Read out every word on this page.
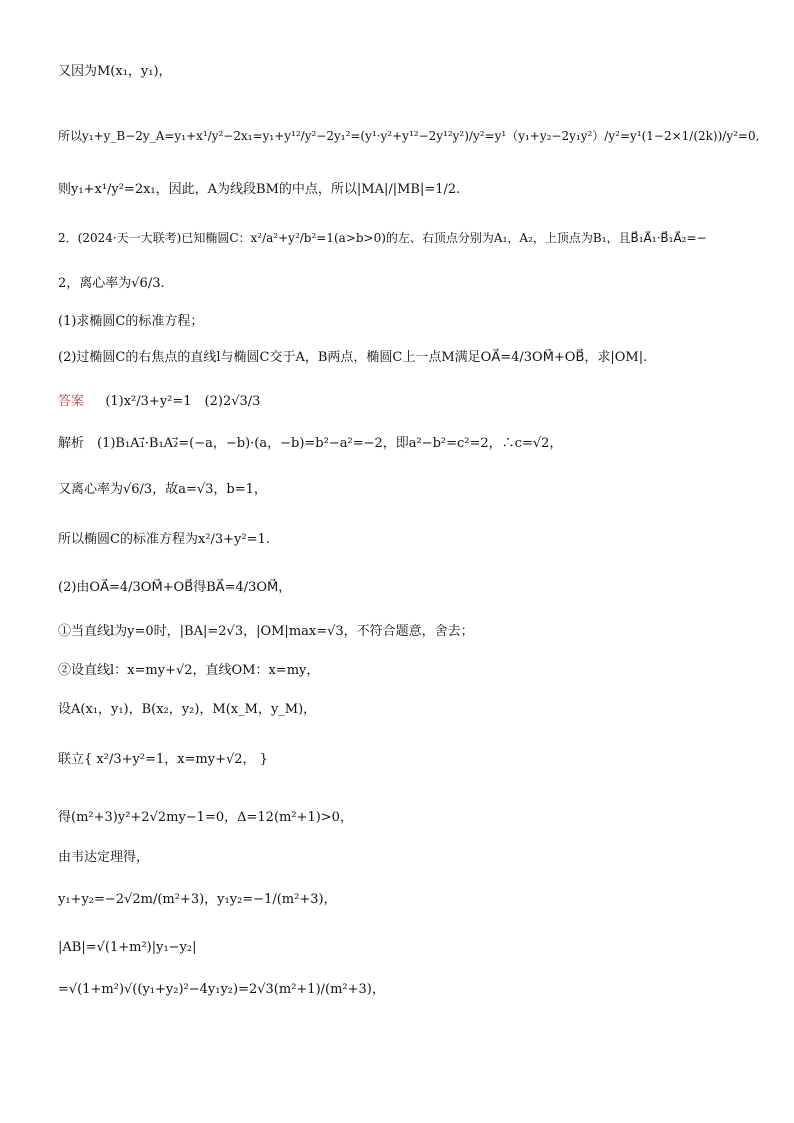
又因为M(x₁，y₁)，
所以y₁+y_B−2y_A=y₁+x¹/y²−2x₁=y₁+y¹²/y²−2y₁²=(y¹·y²+y¹²−2y¹²y²)/y²=y¹（y₁+y₂−2y₁y²）/y²=y¹(1−2×1/(2k))/y²=0,
则y₁+x¹/y²=2x₁，因此，A为线段BM的中点，所以|MA|/|MB|=1/2.
2．(2024·天一大联考)已知椭圆C：x²/a²+y²/b²=1(a>b>0)的左、右顶点分别为A₁，A₂，上顶点为B₁，且B⃗₁A⃗₁·B⃗₁A⃗₂=−
2，离心率为√6/3.
(1)求椭圆C的标准方程；
(2)过椭圆C的右焦点的直线l与椭圆C交于A，B两点，椭圆C上一点M满足OA⃗=4/3OM⃗+OB⃗，求|OM|.
答案 　 (1)x²/3+y²=1　(2)2√3/3
解析　(1)B₁A₁⃗·B₁A₂⃗=(−a，−b)·(a，−b)=b²−a²=−2，即a²−b²=c²=2，∴c=√2，
又离心率为√6/3，故a=√3，b=1，
所以椭圆C的标准方程为x²/3+y²=1.
(2)由OA⃗=4/3OM⃗+OB⃗得BA⃗=4/3OM⃗，
①当直线l为y=0时，|BA|=2√3，|OM|max=√3，不符合题意，舍去；
②设直线l：x=my+√2，直线OM：x=my，
设A(x₁，y₁)，B(x₂，y₂)，M(x_M，y_M)，
联立{ x²/3+y²=1，x=my+√2， }
得(m²+3)y²+2√2my−1=0，Δ=12(m²+1)>0，
由韦达定理得，
y₁+y₂=−2√2m/(m²+3)，y₁y₂=−1/(m²+3)，
|AB|=√(1+m²)|y₁−y₂|
=√(1+m²)√((y₁+y₂)²−4y₁y₂)=2√3(m²+1)/(m²+3)，
